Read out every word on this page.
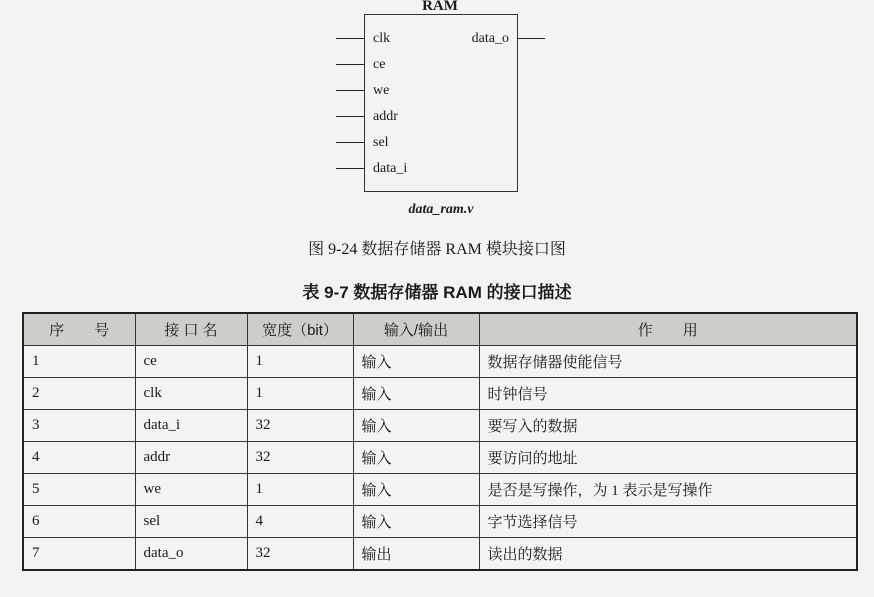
RAM
clk
ce
we
addr
sel
data_i
data_o
data_ram.v
图 9-24 数据存储器 RAM 模块接口图
表 9-7 数据存储器 RAM 的接口描述
序　　号	接 口 名	宽度（bit）	输入/输出	作　　用
1	ce	1	输入	数据存储器使能信号
2	clk	1	输入	时钟信号
3	data_i	32	输入	要写入的数据
4	addr	32	输入	要访问的地址
5	we	1	输入	是否是写操作，为 1 表示是写操作
6	sel	4	输入	字节选择信号
7	data_o	32	输出	读出的数据
